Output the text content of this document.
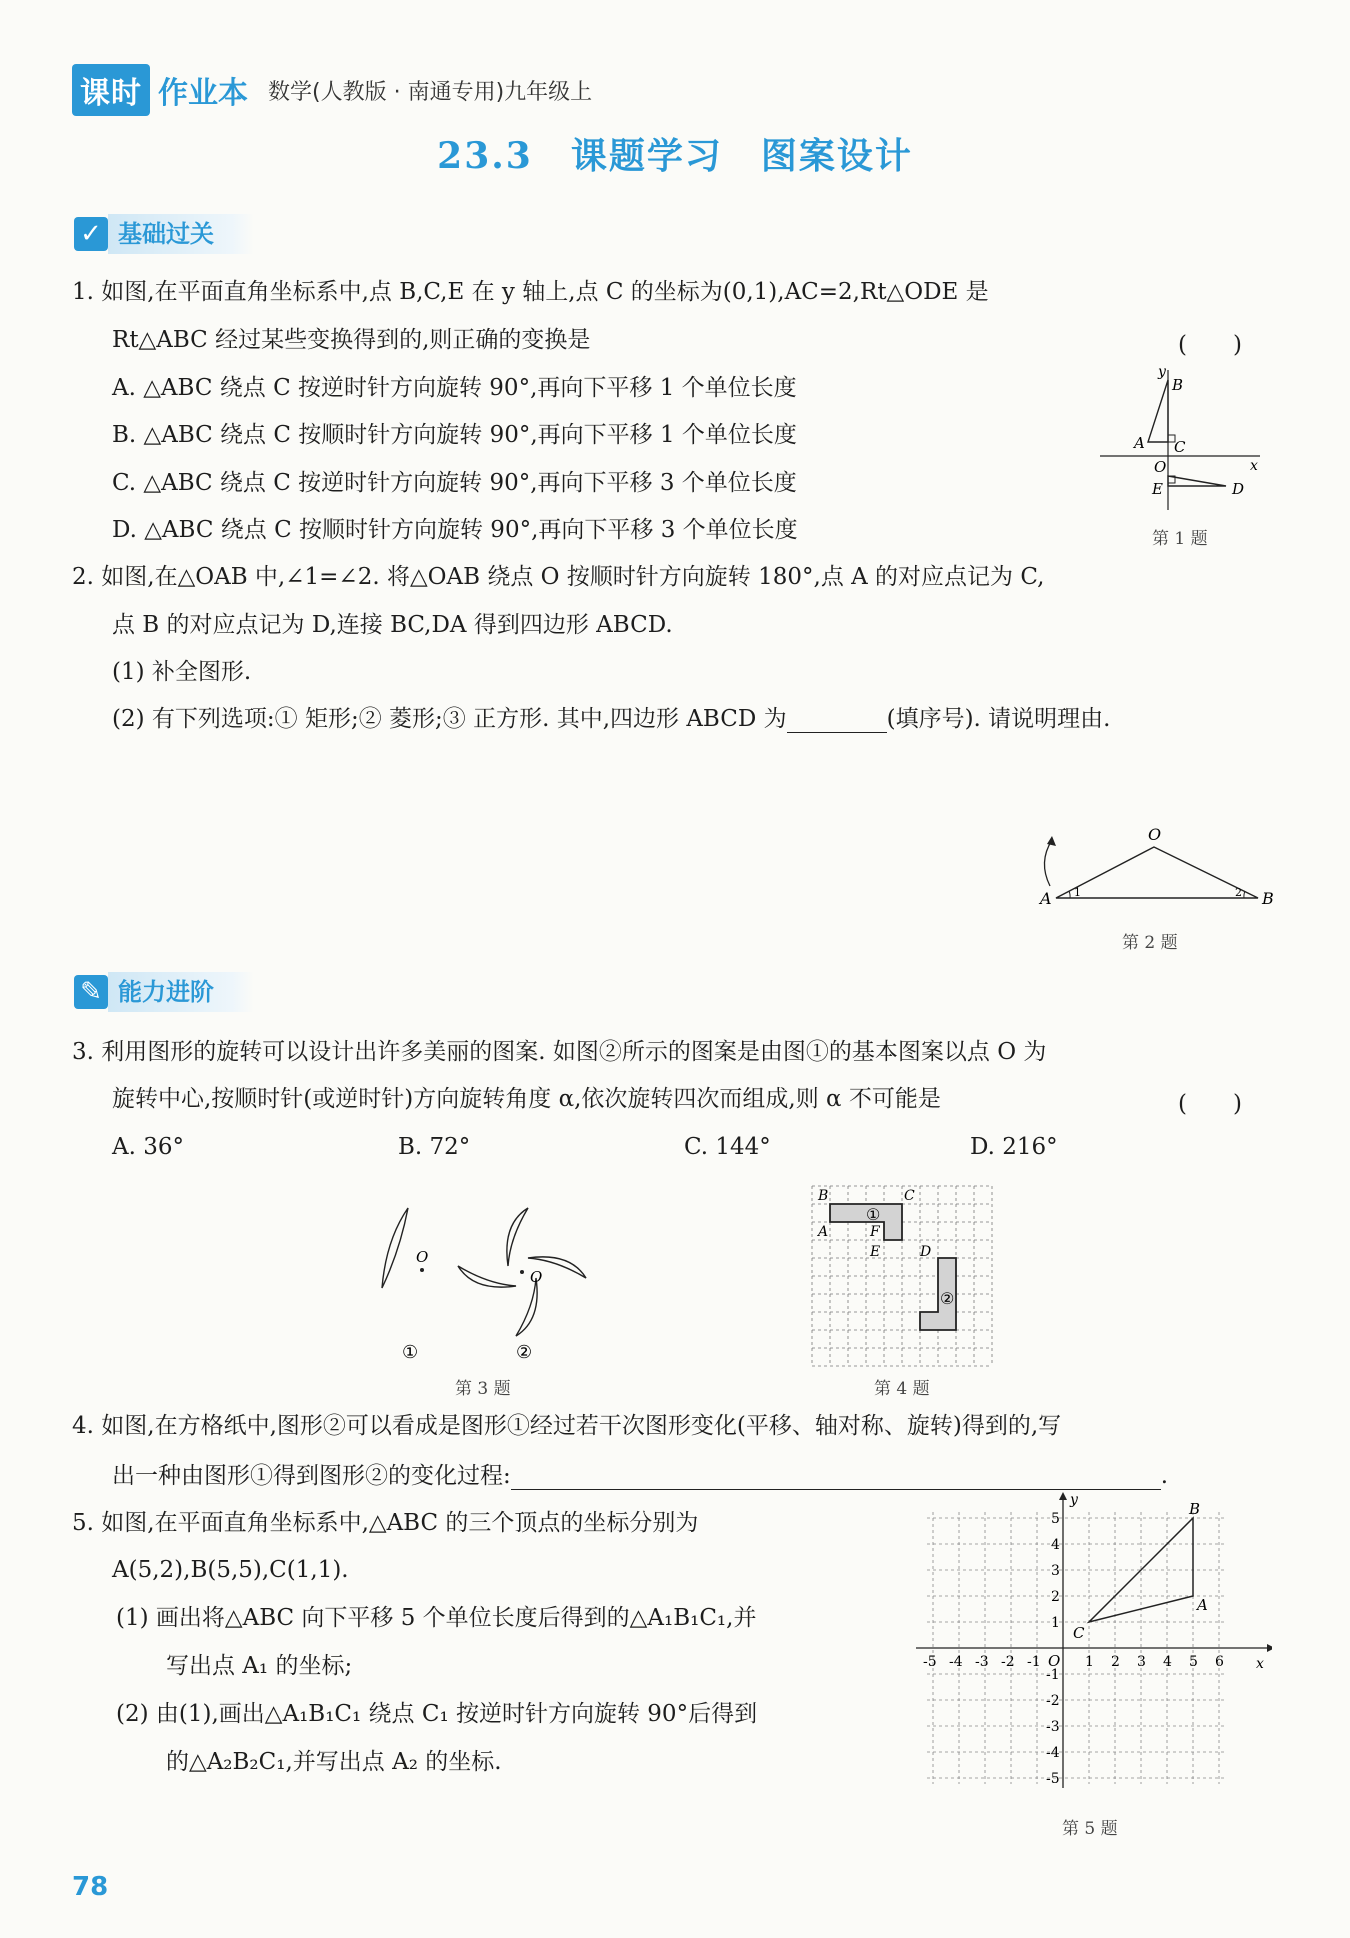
课时 作业本 数学(人教版 · 南通专用)九年级上
23.3　课题学习　图案设计
✓ 基础过关
1. 如图,在平面直角坐标系中,点 B,C,E 在 y 轴上,点 C 的坐标为(0,1),AC=2,Rt△ODE 是
Rt△ABC 经过某些变换得到的,则正确的变换是	(　　)
A. △ABC 绕点 C 按逆时针方向旋转 90°,再向下平移 1 个单位长度
B. △ABC 绕点 C 按顺时针方向旋转 90°,再向下平移 1 个单位长度
C. △ABC 绕点 C 按逆时针方向旋转 90°,再向下平移 3 个单位长度
D. △ABC 绕点 C 按顺时针方向旋转 90°,再向下平移 3 个单位长度
y
B
A C
O	x
E	D
第 1 题
2. 如图,在△OAB 中,∠1=∠2. 将△OAB 绕点 O 按顺时针方向旋转 180°,点 A 的对应点记为 C,
点 B 的对应点记为 D,连接 BC,DA 得到四边形 ABCD.
(1) 补全图形.
(2) 有下列选项:① 矩形;② 菱形;③ 正方形. 其中,四边形 ABCD 为	(填序号). 请说明理由.
O
A	B
1	2
第 2 题
✎ 能力进阶
3. 利用图形的旋转可以设计出许多美丽的图案. 如图②所示的图案是由图①的基本图案以点 O 为
旋转中心,按顺时针(或逆时针)方向旋转角度 α,依次旋转四次而组成,则 α 不可能是	(　　)
A. 36°	B. 72°	C. 144°	D. 216°
O
O
①	②
第 3 题
B	C
A	F
E	D
①
②
第 4 题
4. 如图,在方格纸中,图形②可以看成是图形①经过若干次图形变化(平移、轴对称、旋转)得到的,写
出一种由图形①得到图形②的变化过程:	.
5. 如图,在平面直角坐标系中,△ABC 的三个顶点的坐标分别为
A(5,2),B(5,5),C(1,1).
(1) 画出将△ABC 向下平移 5 个单位长度后得到的△A₁B₁C₁,并
写出点 A₁ 的坐标;
(2) 由(1),画出△A₁B₁C₁ 绕点 C₁ 按逆时针方向旋转 90°后得到
的△A₂B₂C₁,并写出点 A₂ 的坐标.
-5 -4 -3 -2 -1	1 2 3 4 5 6
5
4
3
2
1
-1
-2
-3
-4
-5
O	x
y
A
B
C
第 5 题
78
